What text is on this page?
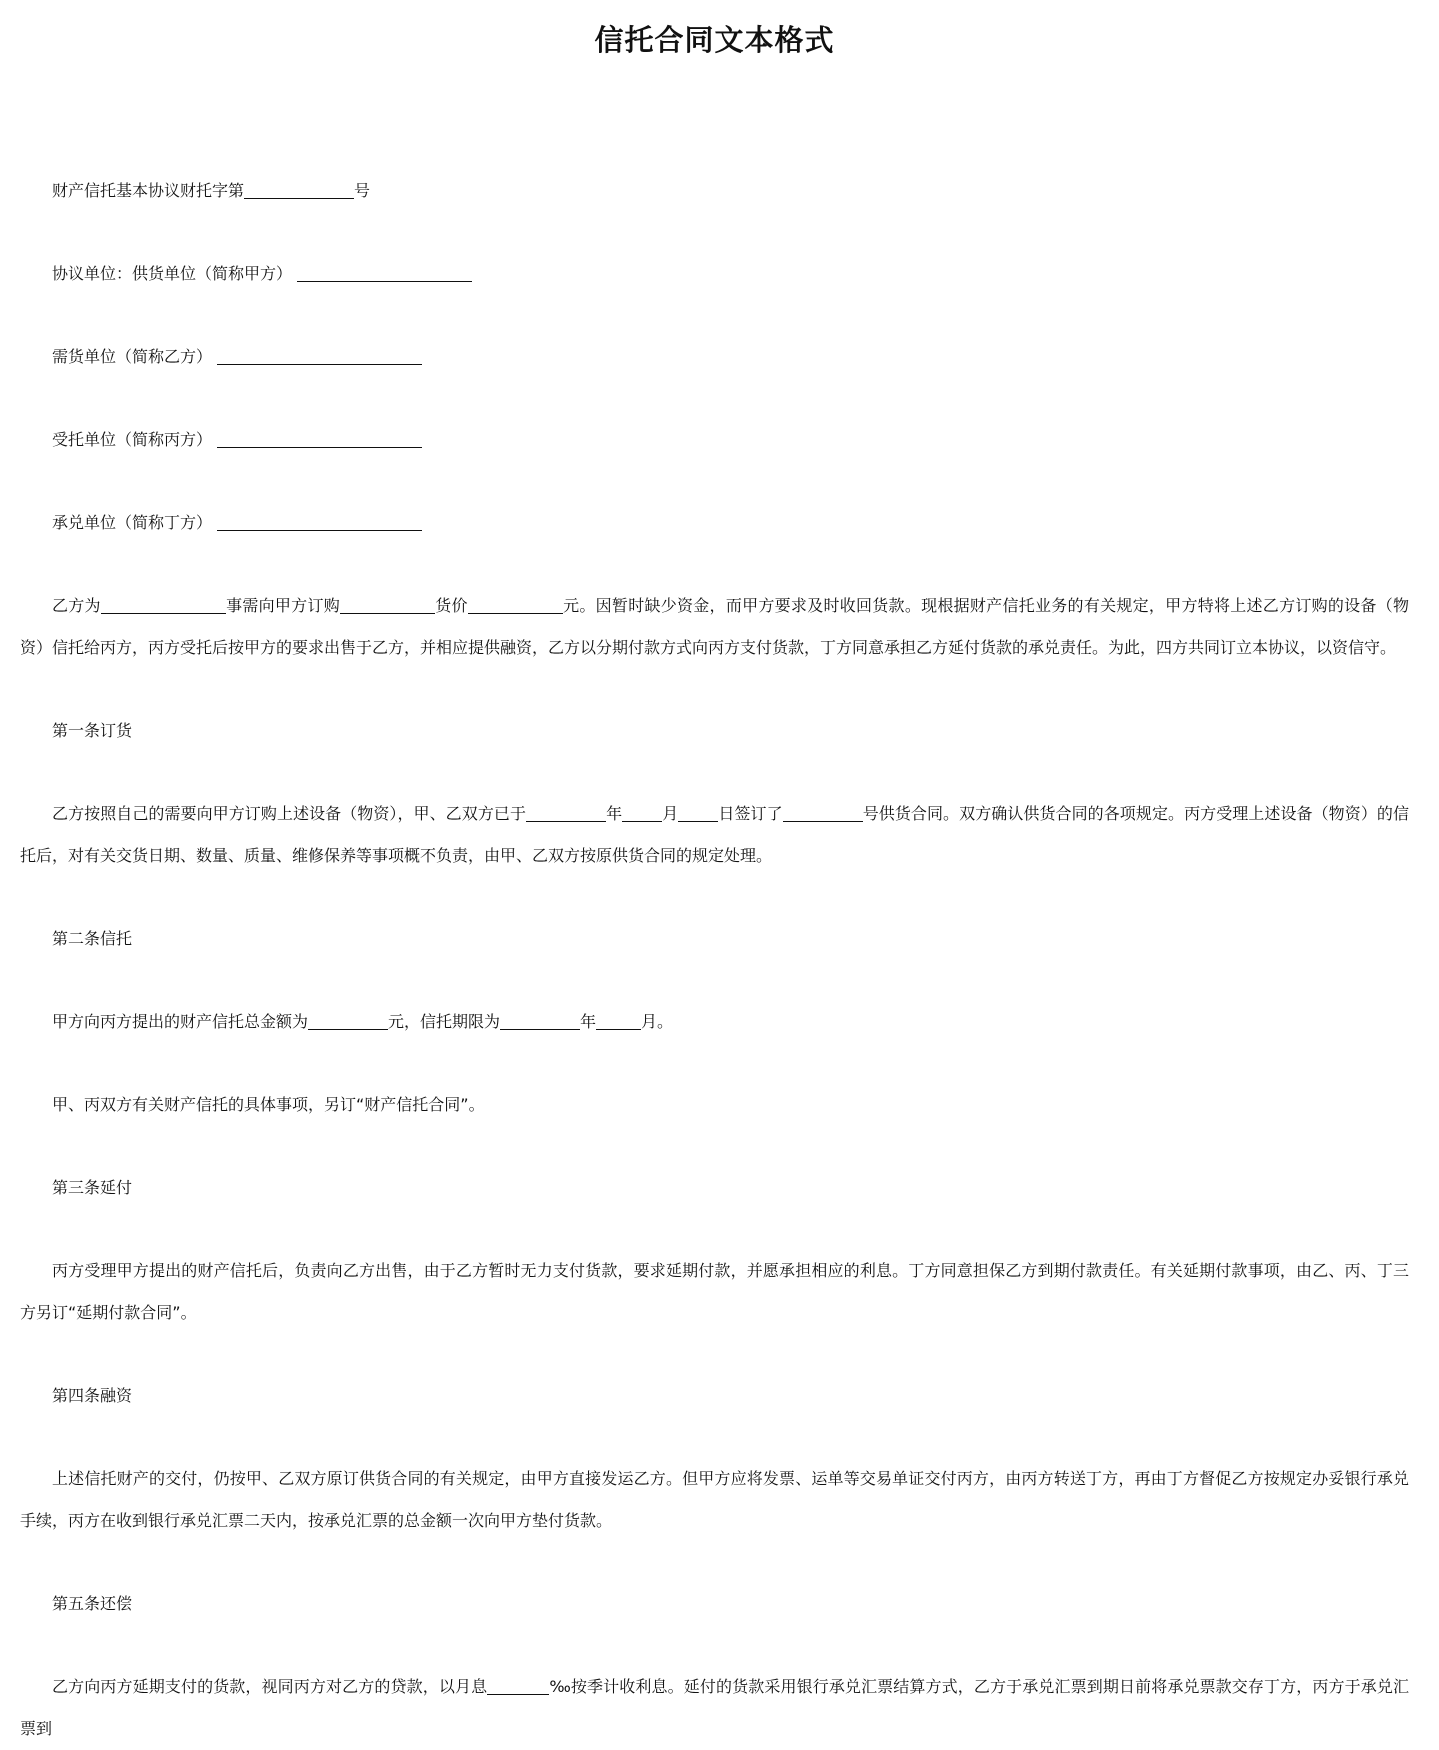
信托合同文本格式

财产信托基本协议财托字第	号

协议单位：供货单位（简称甲方）

需货单位（简称乙方）

受托单位（简称丙方）

承兑单位（简称丁方）

乙方为	事需向甲方订购	货价	元。因暂时缺少资金，而甲方要求及时收回货款。现根据财产信托业务的有关规定，甲方特将上述乙方订购的设备（物资）信托给丙方，丙方受托后按甲方的要求出售于乙方，并相应提供融资，乙方以分期付款方式向丙方支付货款，丁方同意承担乙方延付货款的承兑责任。为此，四方共同订立本协议，以资信守。

第一条订货

乙方按照自己的需要向甲方订购上述设备（物资），甲、乙双方已于	年	月	日签订了	号供货合同。双方确认供货合同的各项规定。丙方受理上述设备（物资）的信托后，对有关交货日期、数量、质量、维修保养等事项概不负责，由甲、乙双方按原供货合同的规定处理。

第二条信托

甲方向丙方提出的财产信托总金额为	元，信托期限为	年	月。

甲、丙双方有关财产信托的具体事项，另订“财产信托合同”。

第三条延付

丙方受理甲方提出的财产信托后，负责向乙方出售，由于乙方暂时无力支付货款，要求延期付款，并愿承担相应的利息。丁方同意担保乙方到期付款责任。有关延期付款事项，由乙、丙、丁三方另订“延期付款合同”。

第四条融资

上述信托财产的交付，仍按甲、乙双方原订供货合同的有关规定，由甲方直接发运乙方。但甲方应将发票、运单等交易单证交付丙方，由丙方转送丁方，再由丁方督促乙方按规定办妥银行承兑手续，丙方在收到银行承兑汇票二天内，按承兑汇票的总金额一次向甲方垫付货款。

第五条还偿

乙方向丙方延期支付的货款，视同丙方对乙方的贷款，以月息	‰按季计收利息。延付的货款采用银行承兑汇票结算方式，乙方于承兑汇票到期日前将承兑票款交存丁方，丙方于承兑汇票到
